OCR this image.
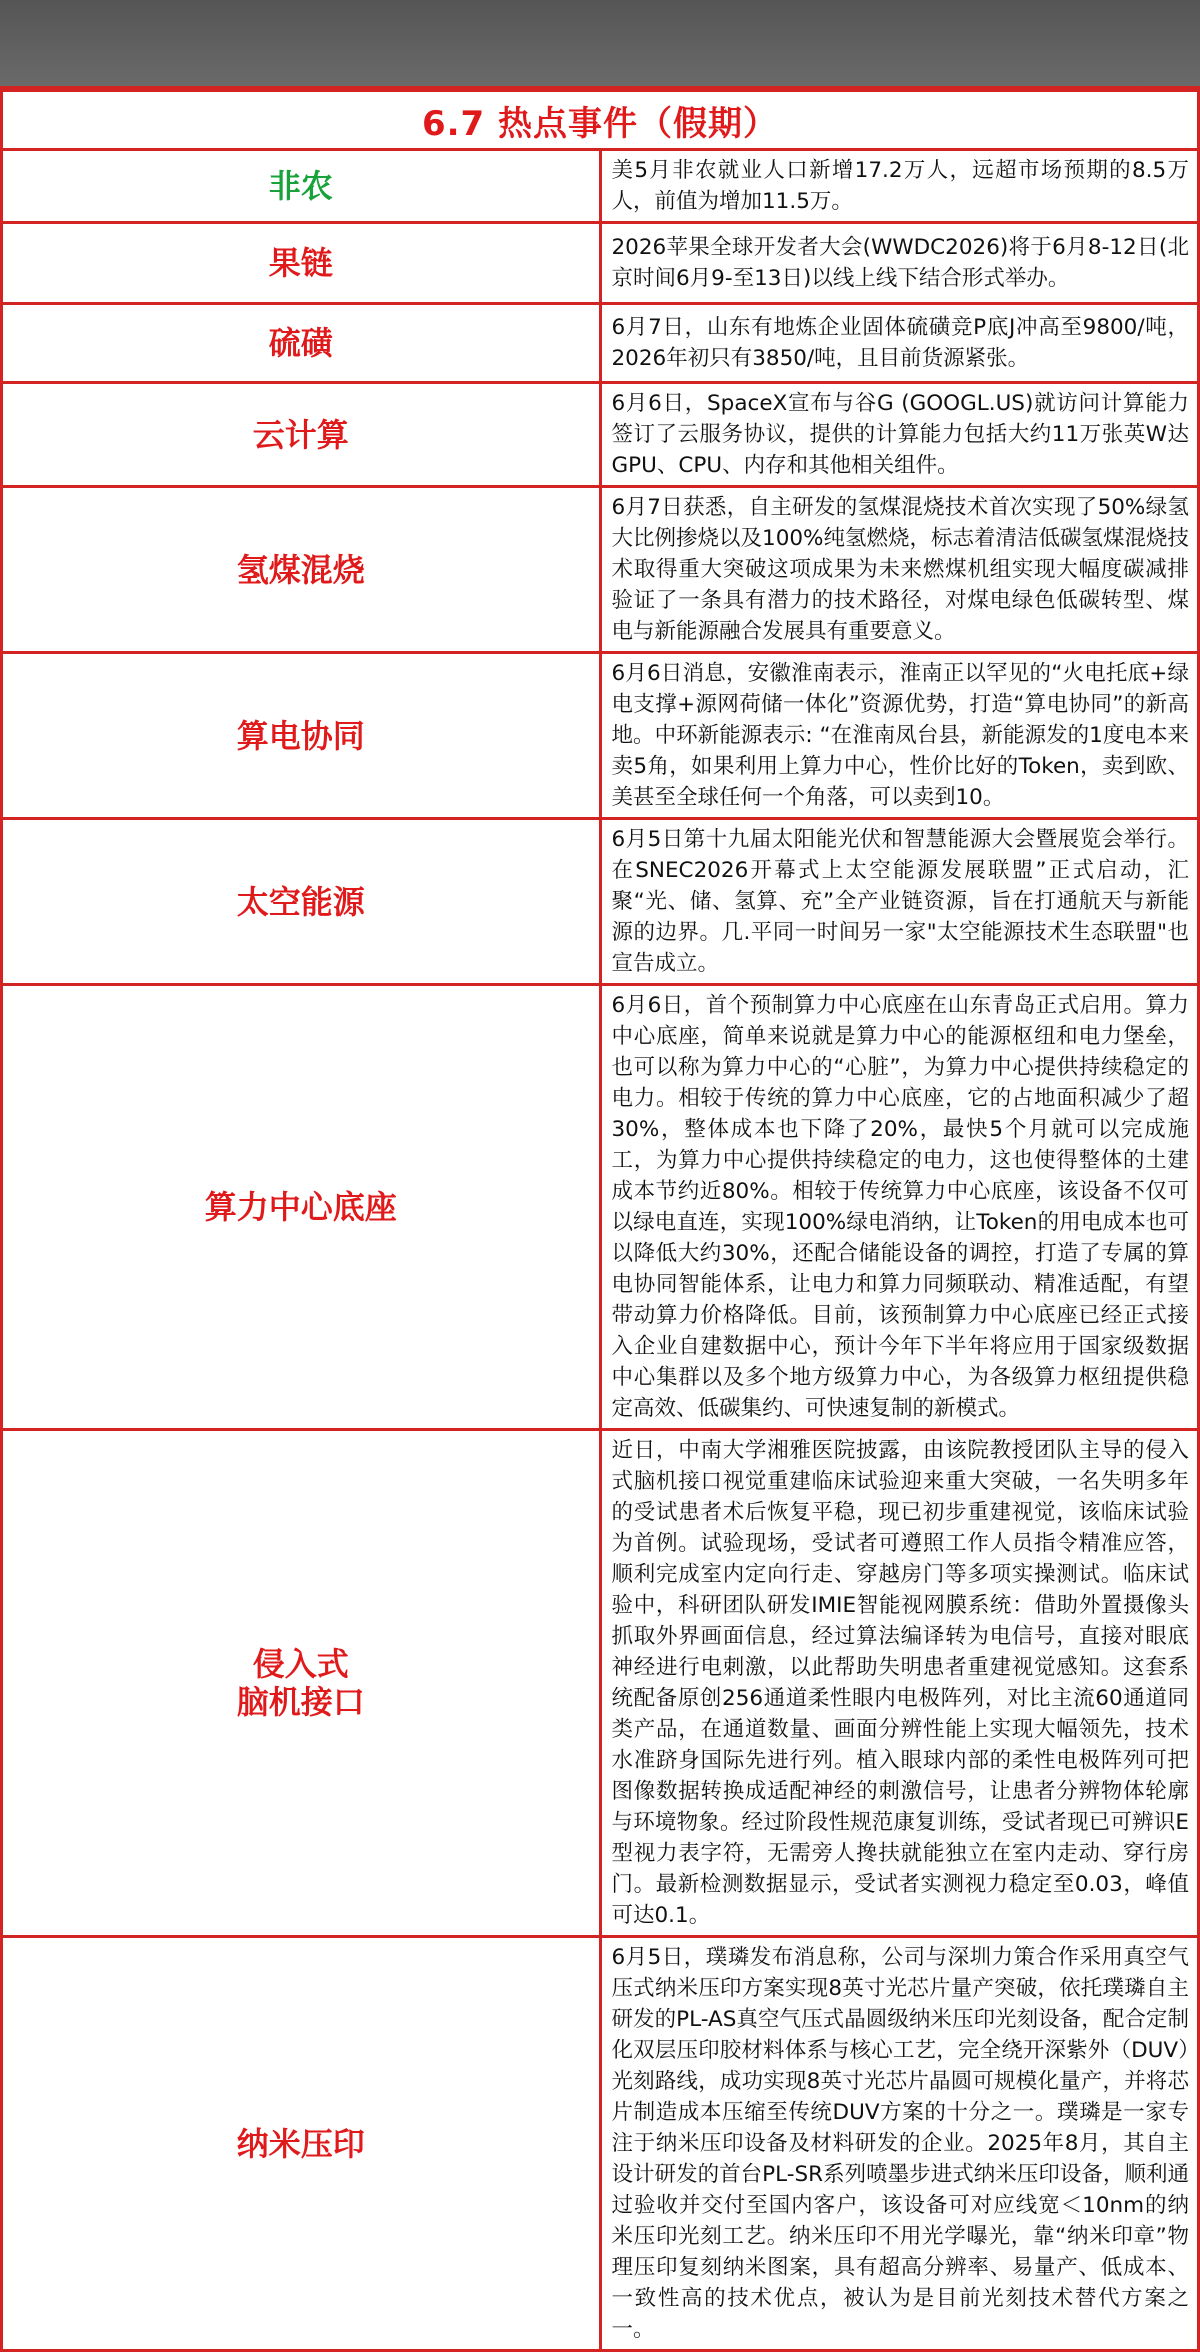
6.7 热点事件（假期）	

非农	美5月非农就业人口新增17.2万人，远超市场预期的8.5万人，前值为增加11.5万。

果链	2026苹果全球开发者大会(WWDC2026)将于6月8-12日(北京时间6月9-至13日)以线上线下结合形式举办。

硫磺	6月7日，山东有地炼企业固体硫磺竞P底J冲高至9800/吨，2026年初只有3850/吨，且目前货源紧张。

云计算	6月6日，SpaceX宣布与谷G (GOOGL.US)就访问计算能力签订了云服务协议，提供的计算能力包括大约11万张英W达GPU、CPU、内存和其他相关组件。

氢煤混烧	6月7日获悉，自主研发的氢煤混烧技术首次实现了50%绿氢大比例掺烧以及100%纯氢燃烧，标志着清洁低碳氢煤混烧技术取得重大突破这项成果为未来燃煤机组实现大幅度碳减排验证了一条具有潜力的技术路径，对煤电绿色低碳转型、煤电与新能源融合发展具有重要意义。

算电协同	6月6日消息，安徽淮南表示，淮南正以罕见的“火电托底+绿电支撑+源网荷储一体化”资源优势，打造“算电协同”的新高地。中环新能源表示: “在淮南凤台县，新能源发的1度电本来卖5角，如果利用上算力中心，性价比好的Token，卖到欧、美甚至全球任何一个角落，可以卖到10。

太空能源	6月5日第十九届太阳能光伏和智慧能源大会暨展览会举行。在SNEC2026开幕式上太空能源发展联盟”正式启动，汇聚“光、储、氢算、充”全产业链资源，旨在打通航天与新能源的边界。几.平同一时间另一家"太空能源技术生态联盟"也宣告成立。

算力中心底座	6月6日，首个预制算力中心底座在山东青岛正式启用。算力中心底座，简单来说就是算力中心的能源枢纽和电力堡垒，也可以称为算力中心的“心脏”，为算力中心提供持续稳定的电力。相较于传统的算力中心底座，它的占地面积减少了超30%，整体成本也下降了20%，最快5个月就可以完成施工，为算力中心提供持续稳定的电力，这也使得整体的土建成本节约近80%。相较于传统算力中心底座，该设备不仅可以绿电直连，实现100%绿电消纳，让Token的用电成本也可以降低大约30%，还配合储能设备的调控，打造了专属的算电协同智能体系，让电力和算力同频联动、精准适配，有望带动算力价格降低。目前，该预制算力中心底座已经正式接入企业自建数据中心，预计今年下半年将应用于国家级数据中心集群以及多个地方级算力中心，为各级算力枢纽提供稳定高效、低碳集约、可快速复制的新模式。

侵入式
脑机接口	近日，中南大学湘雅医院披露，由该院教授团队主导的侵入式脑机接口视觉重建临床试验迎来重大突破，一名失明多年的受试患者术后恢复平稳，现已初步重建视觉，该临床试验为首例。试验现场，受试者可遵照工作人员指令精准应答，顺利完成室内定向行走、穿越房门等多项实操测试。临床试验中，科研团队研发IMIE智能视网膜系统：借助外置摄像头抓取外界画面信息，经过算法编译转为电信号，直接对眼底神经进行电刺激，以此帮助失明患者重建视觉感知。这套系统配备原创256通道柔性眼内电极阵列，对比主流60通道同类产品，在通道数量、画面分辨性能上实现大幅领先，技术水准跻身国际先进行列。植入眼球内部的柔性电极阵列可把图像数据转换成适配神经的刺激信号，让患者分辨物体轮廓与环境物象。经过阶段性规范康复训练，受试者现已可辨识E型视力表字符，无需旁人搀扶就能独立在室内走动、穿行房门。最新检测数据显示，受试者实测视力稳定至0.03，峰值可达0.1。

纳米压印	6月5日，璞璘发布消息称，公司与深圳力策合作采用真空气压式纳米压印方案实现8英寸光芯片量产突破，依托璞璘自主研发的PL-AS真空气压式晶圆级纳米压印光刻设备，配合定制化双层压印胶材料体系与核心工艺，完全绕开深紫外（DUV）光刻路线，成功实现8英寸光芯片晶圆可规模化量产，并将芯片制造成本压缩至传统DUV方案的十分之一。璞璘是一家专注于纳米压印设备及材料研发的企业。2025年8月，其自主设计研发的首台PL-SR系列喷墨步进式纳米压印设备，顺利通过验收并交付至国内客户，该设备可对应线宽＜10nm的纳米压印光刻工艺。纳米压印不用光学曝光，靠“纳米印章”物理压印复刻纳米图案，具有超高分辨率、易量产、低成本、一致性高的技术优点，被认为是目前光刻技术替代方案之一。
